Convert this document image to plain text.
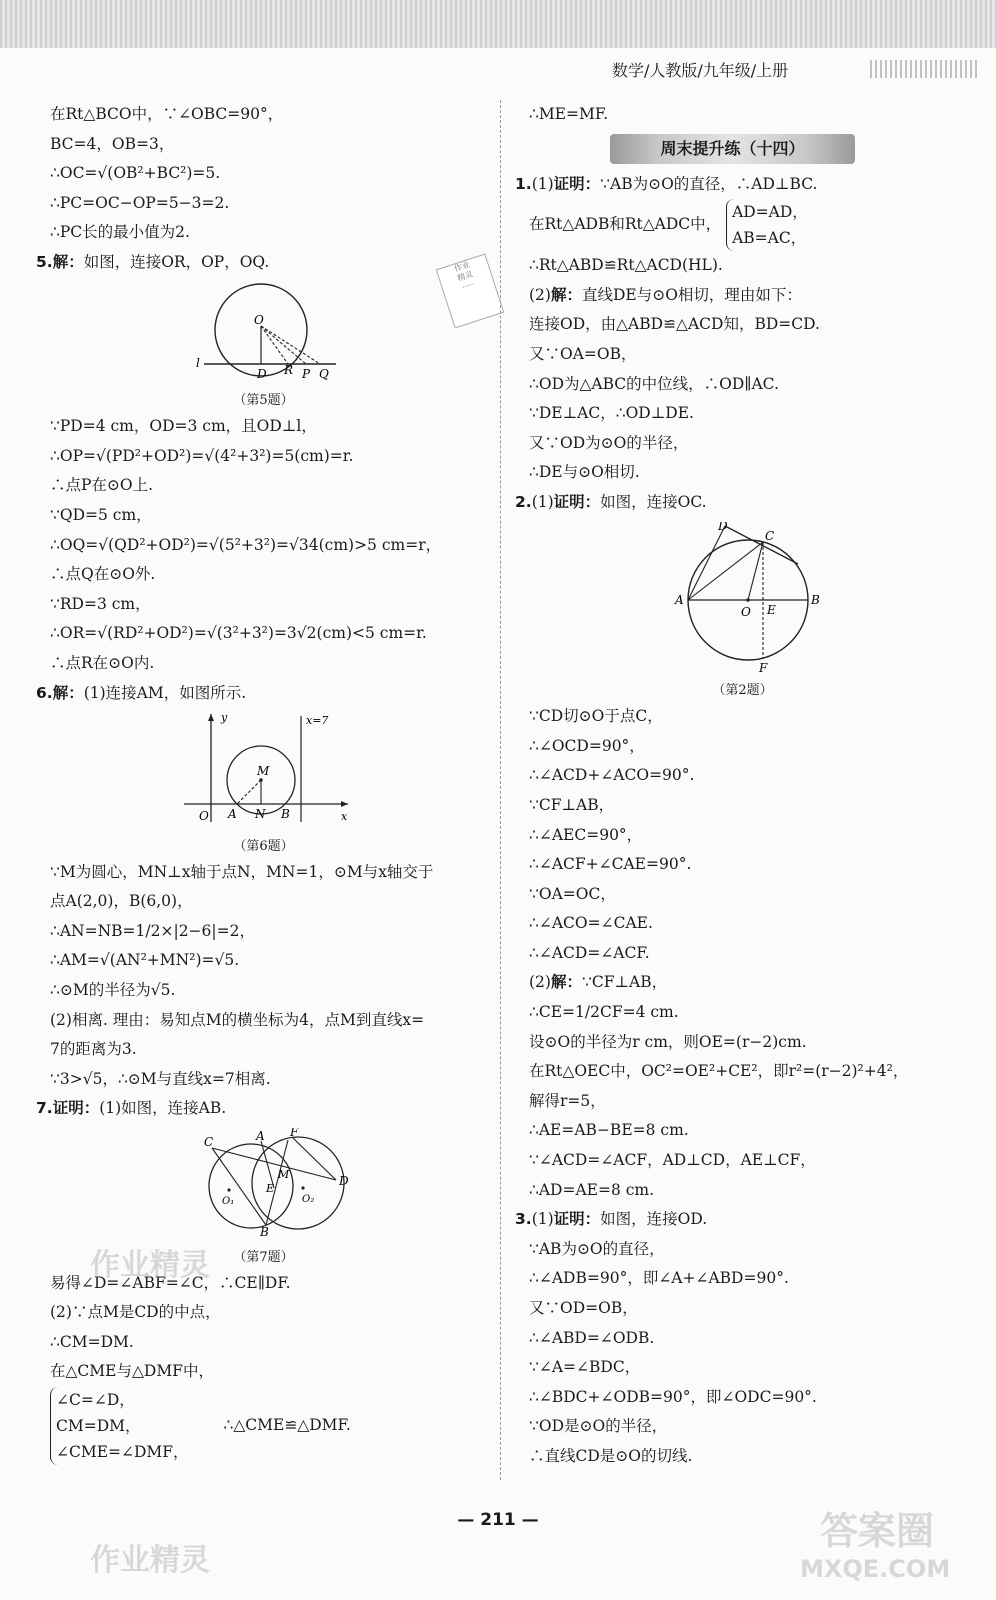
数学/人教版/九年级/上册
作业
精灵
·····
在Rt△BCO中，∵∠OBC=90°，
BC=4，OB=3，
∴OC=√(OB²+BC²)=5.
∴PC=OC−OP=5−3=2.
∴PC长的最小值为2.
5.解：如图，连接OR，OP，OQ.
O
l
D R P Q
（第5题）
∵PD=4 cm，OD=3 cm，且OD⊥l，
∴OP=√(PD²+OD²)=√(4²+3²)=5(cm)=r.
∴点P在⊙O上.
∵QD=5 cm，
∴OQ=√(QD²+OD²)=√(5²+3²)=√34(cm)>5 cm=r，
∴点Q在⊙O外.
∵RD=3 cm，
∴OR=√(RD²+OD²)=√(3²+3²)=3√2(cm)<5 cm=r.
∴点R在⊙O内.
6.解：(1)连接AM，如图所示.
y
x
x=7
O A N B
M
（第6题）
∵M为圆心，MN⊥x轴于点N，MN=1，⊙M与x轴交于
点A(2,0)，B(6,0)，
∴AN=NB=1/2×|2−6|=2，
∴AM=√(AN²+MN²)=√5.
∴⊙M的半径为√5.
(2)相离. 理由：易知点M的横坐标为4，点M到直线x=
7的距离为3.
∵3>√5，∴⊙M与直线x=7相离.
7.证明：(1)如图，连接AB.
C	A F
M
E
D
B
O₁	O₂
（第7题）
易得∠D=∠ABF=∠C，∴CE∥DF.
(2)∵点M是CD的中点，
∴CM=DM.
在△CME与△DMF中，
∠C=∠D，
CM=DM，
∠CME=∠DMF，
∴△CME≌△DMF.
∴ME=MF.
周末提升练（十四）
1.(1)证明：∵AB为⊙O的直径，∴AD⊥BC.
在Rt△ADB和Rt△ADC中，
AD=AD，
AB=AC，
∴Rt△ABD≌Rt△ACD(HL).
(2)解：直线DE与⊙O相切，理由如下：
连接OD，由△ABD≌△ACD知，BD=CD.
又∵OA=OB，
∴OD为△ABC的中位线，∴OD∥AC.
∵DE⊥AC，∴OD⊥DE.
又∵OD为⊙O的半径，
∴DE与⊙O相切.
2.(1)证明：如图，连接OC.
D
C
A
O E
B
F
（第2题）
∵CD切⊙O于点C，
∴∠OCD=90°，
∴∠ACD+∠ACO=90°.
∵CF⊥AB，
∴∠AEC=90°，
∴∠ACF+∠CAE=90°.
∵OA=OC，
∴∠ACO=∠CAE.
∴∠ACD=∠ACF.
(2)解：∵CF⊥AB，
∴CE=1/2CF=4 cm.
设⊙O的半径为r cm，则OE=(r−2)cm.
在Rt△OEC中，OC²=OE²+CE²，即r²=(r−2)²+4²，
解得r=5，
∴AE=AB−BE=8 cm.
∵∠ACD=∠ACF，AD⊥CD，AE⊥CF，
∴AD=AE=8 cm.
3.(1)证明：如图，连接OD.
∵AB为⊙O的直径，
∴∠ADB=90°，即∠A+∠ABD=90°.
又∵OD=OB，
∴∠ABD=∠ODB.
∵∠A=∠BDC，
∴∠BDC+∠ODB=90°，即∠ODC=90°.
∵OD是⊙O的半径，
∴直线CD是⊙O的切线.
— 211 —
作业精灵
作业精灵
答案圈
MXQE.COM
